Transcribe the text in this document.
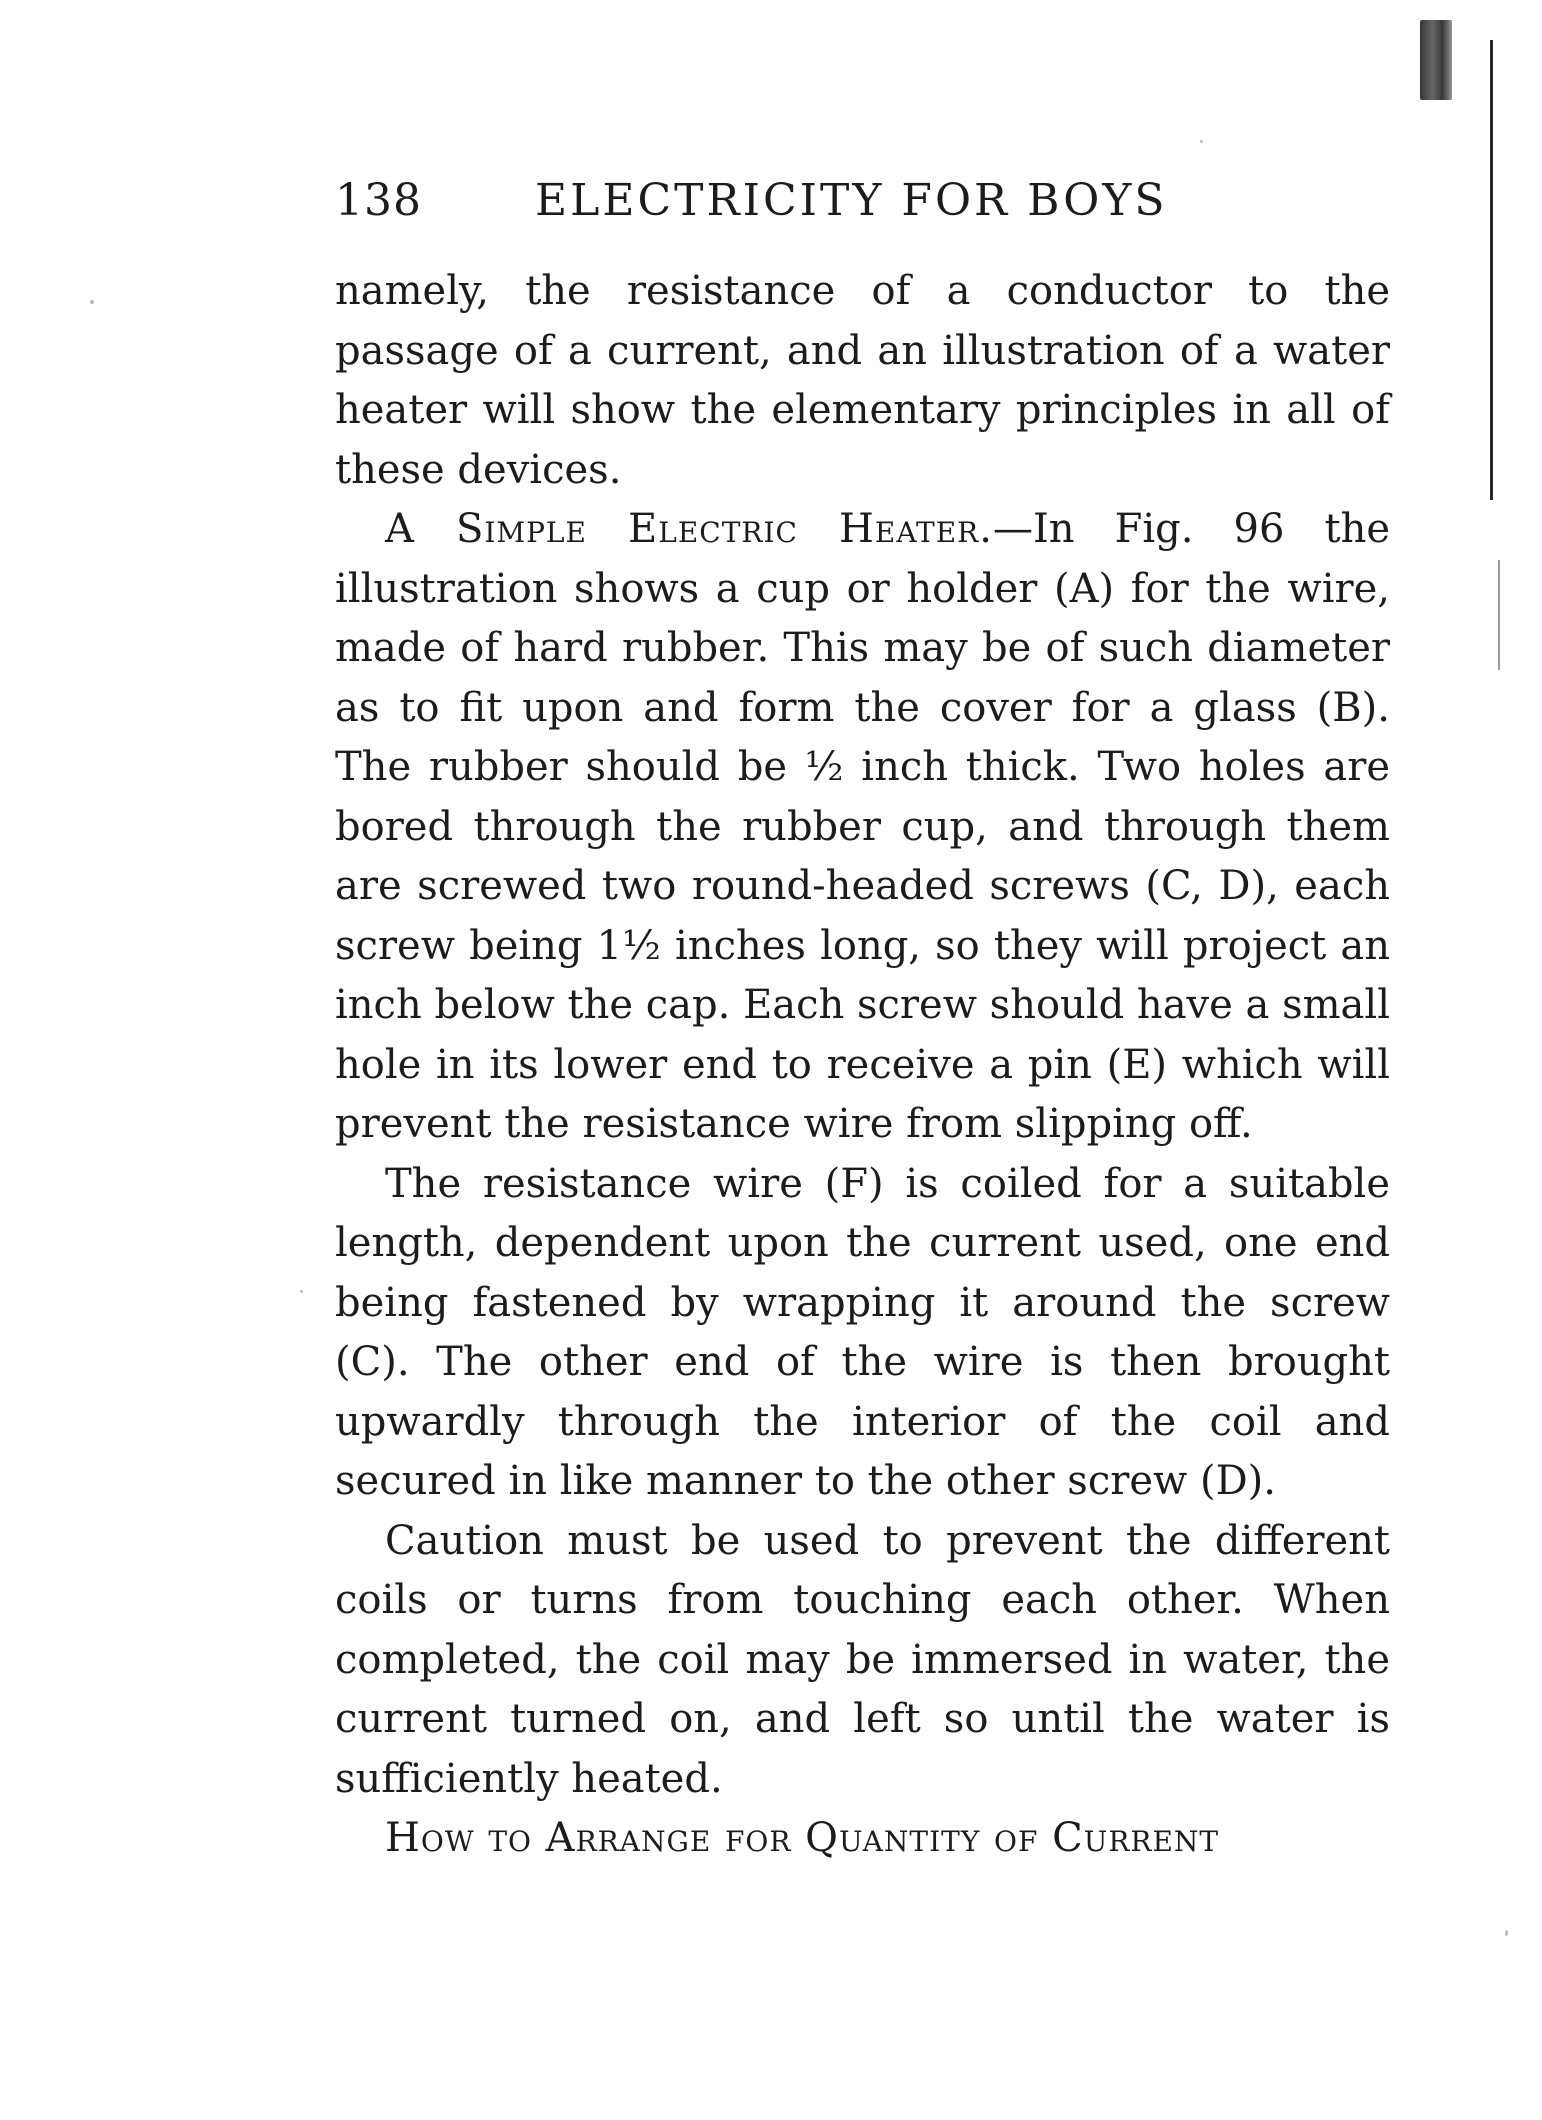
138	ELECTRICITY FOR BOYS

namely, the resistance of a conductor to the passage of a current, and an illustration of a water heater will show the elementary principles in all of these devices.

A Simple Electric Heater.—In Fig. 96 the illustration shows a cup or holder (A) for the wire, made of hard rubber. This may be of such diameter as to fit upon and form the cover for a glass (B). The rubber should be ½ inch thick. Two holes are bored through the rubber cup, and through them are screwed two round-headed screws (C, D), each screw being 1½ inches long, so they will project an inch below the cap. Each screw should have a small hole in its lower end to receive a pin (E) which will prevent the resistance wire from slipping off.

The resistance wire (F) is coiled for a suitable length, dependent upon the current used, one end being fastened by wrapping it around the screw (C). The other end of the wire is then brought upwardly through the interior of the coil and secured in like manner to the other screw (D).

Caution must be used to prevent the different coils or turns from touching each other. When completed, the coil may be immersed in water, the current turned on, and left so until the water is sufficiently heated.

How to Arrange for Quantity of Current
